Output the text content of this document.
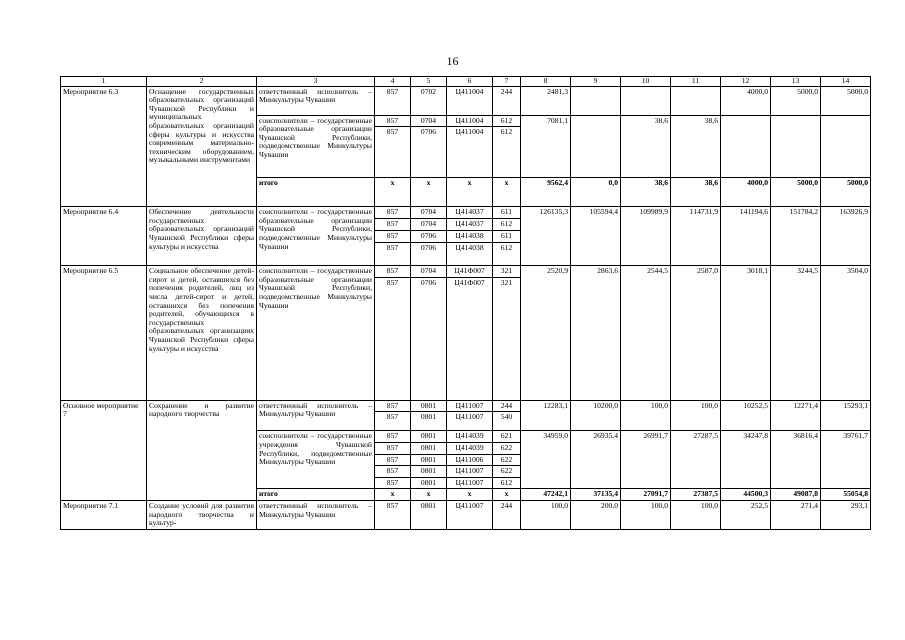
16
1	2	3	4	5	6	7	8	9	10	11	12	13	14
Мероприятие 6.3	Оснащение государственных образовательных организаций Чувашской Республики и муниципальных образовательных организаций сферы культуры и искусства современным материально-техническим оборудованием, музыкальными инструментами	ответственный исполнитель – Минкультуры Чувашии	857	0702	Ц411004	244	2481,3				4000,0	5000,0	5000,0
		соисполнители – государственные образовательные организации Чувашской Республики, подведомственные Минкультуры Чувашии	857	0704	Ц411004	612	7081,1		38,6	38,6			
			857	0706	Ц411004	612							
		итого	х	х	х	х	9562,4	0,0	38,6	38,6	4000,0	5000,0	5000,0
Мероприятие 6.4	Обеспечение деятельности государственных образовательных организаций Чувашской Республики сферы культуры и искусства	соисполнители – государственные образовательные организации Чувашской Республики, подведомственные Минкультуры Чувашии	857	0704	Ц414037	611	126135,3	105594,4	109989,9	114731,9	141194,6	151784,2	163926,9
			857	0704	Ц414037	612							
			857	0706	Ц414038	611							
			857	0706	Ц414038	612							
Мероприятие 6.5	Социальное обеспечение детей-сирот и детей, оставшихся без попечения родителей, лиц из числа детей-сирот и детей, оставшихся без попечения родителей, обучающихся в государственных образовательных организациях Чувашской Республики сферы культуры и искусства	соисполнители – государственные образовательные организации Чувашской Республики, подведомственные Минкультуры Чувашии	857	0704	Ц41Ф007	321	2520,9	2863,6	2544,5	2587,0	3018,1	3244,5	3504,0
			857	0706	Ц41Ф007	321							
Основное мероприятие 7	Сохранение и развитие народного творчества	ответственный исполнитель – Минкультуры Чувашии	857	0801	Ц411007	244	12283,1	10200,0	100,0	100,0	10252,5	12271,4	15293,1
			857	0801	Ц411007	540							
		соисполнители – государственные учреждения Чувашской Республики, подведомственные Минкультуры Чувашии	857	0801	Ц414039	621	34959,0	26935,4	26991,7	27287,5	34247,8	36816,4	39761,7
			857	0801	Ц414039	622							
			857	0801	Ц411006	622							
			857	0801	Ц411007	622							
			857	0801	Ц411007	612							
		итого	х	х	х	х	47242,1	37135,4	27091,7	27387,5	44500,3	49087,8	55054,8
Мероприятие 7.1	Создание условий для развития народного творчества и культур-	ответственный исполнитель – Минкультуры Чувашии	857	0801	Ц411007	244	100,0	200,0	100,0	100,0	252,5	271,4	293,1
